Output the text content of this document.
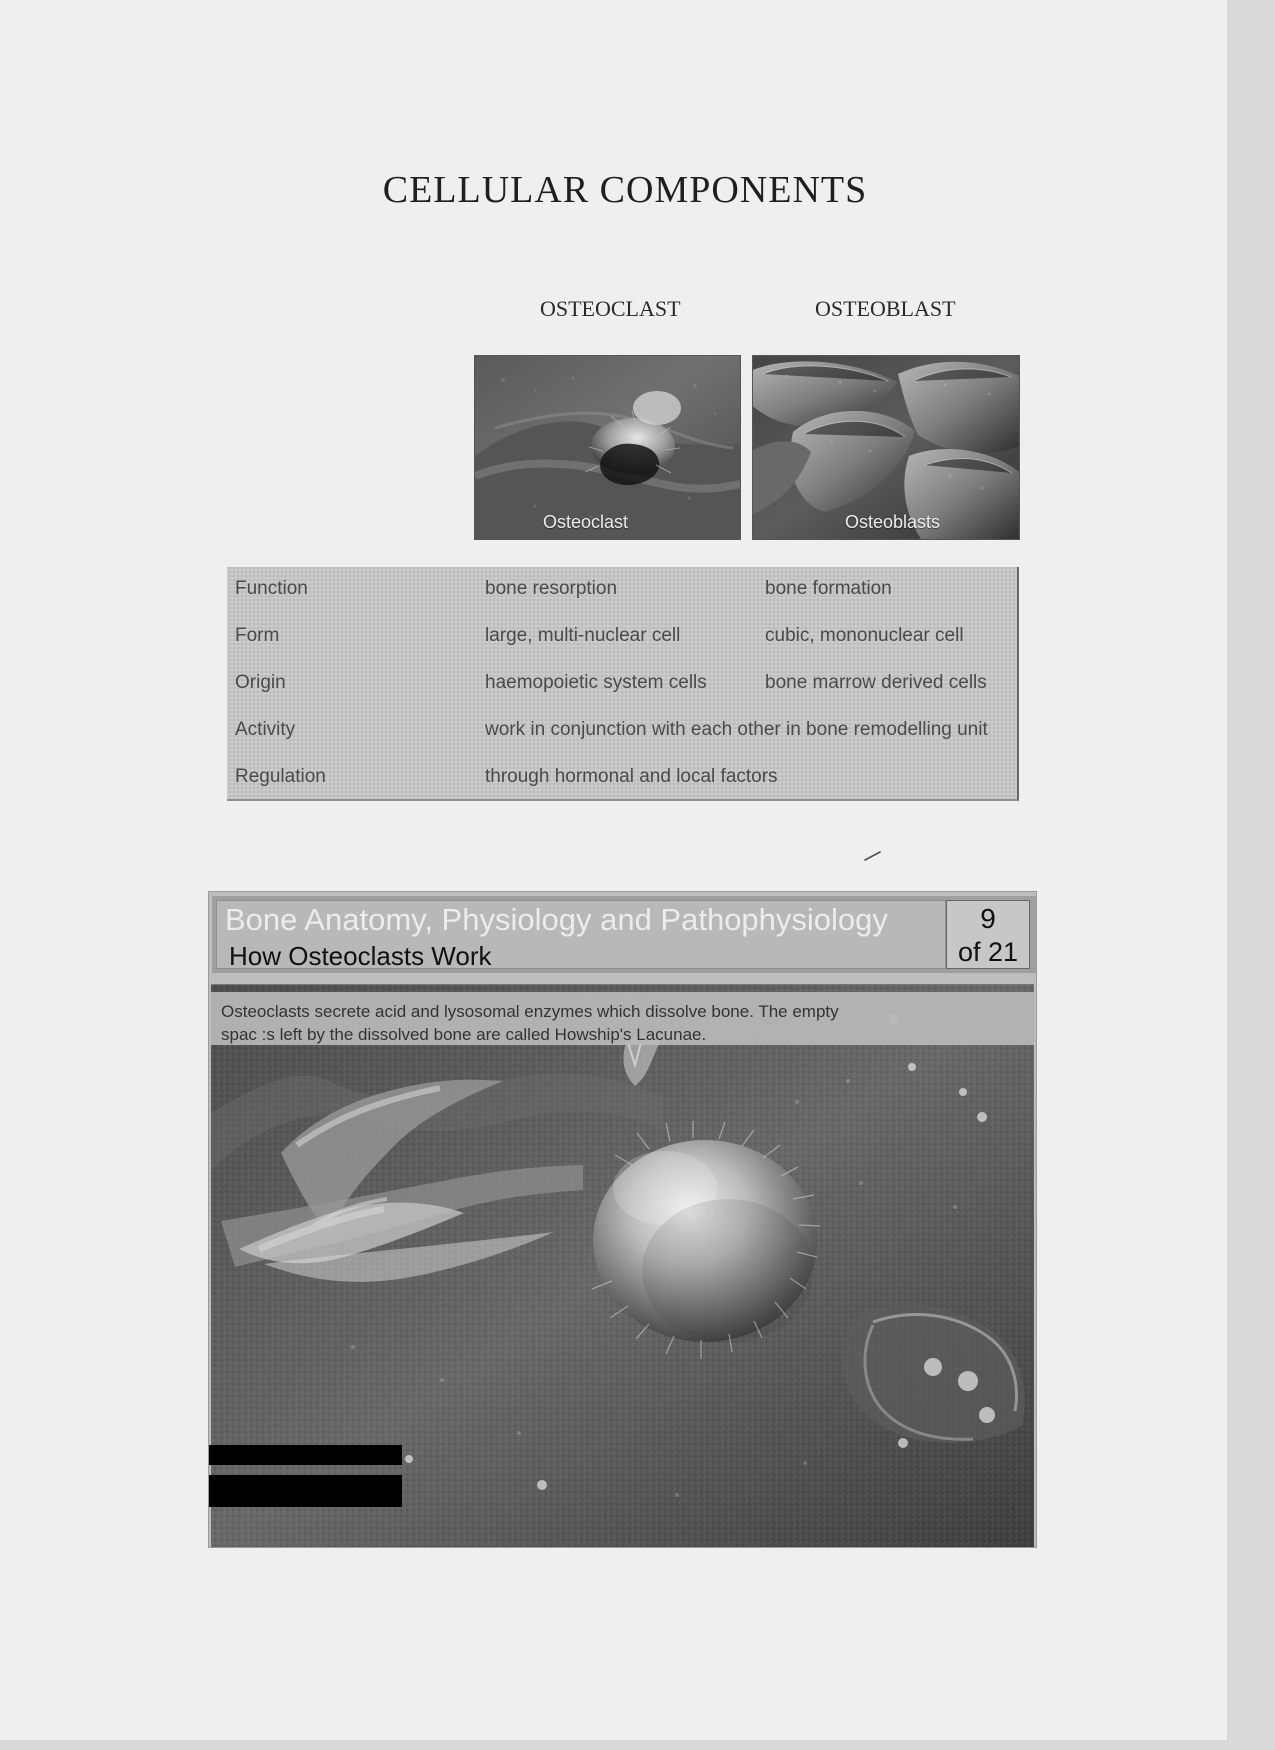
CELLULAR COMPONENTS
OSTEOCLAST	OSTEOBLAST
Osteoclast	Osteoblasts
Function	bone resorption	bone formation
Form	large, multi-nuclear cell	cubic, mononuclear cell
Origin	haemopoietic system cells	bone marrow derived cells
Activity	work in conjunction with each other in bone remodelling unit
Regulation	through hormonal and local factors
Bone Anatomy, Physiology and Pathophysiology
How Osteoclasts Work
9
of 21
Osteoclasts secrete acid and lysosomal enzymes which dissolve bone. The empty
spac :s left by the dissolved bone are called Howship's Lacunae.
